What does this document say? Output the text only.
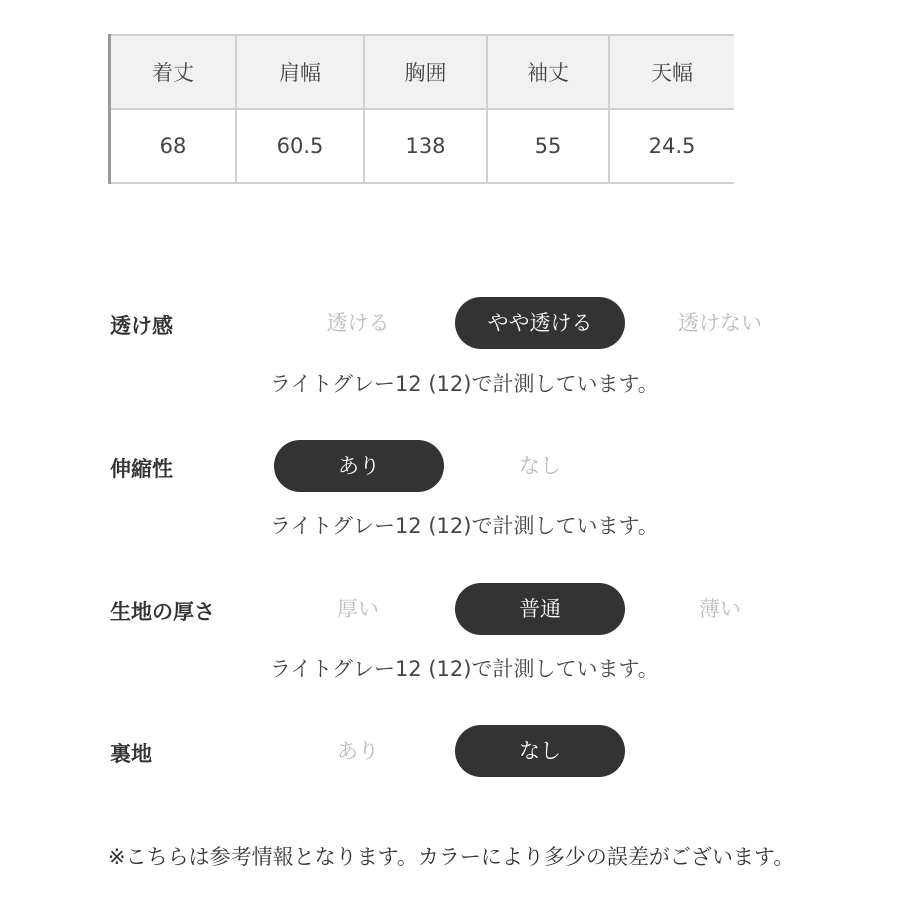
着丈	肩幅	胸囲	袖丈	天幅
68	60.5	138	55	24.5
透け感	透ける	やや透ける	透けない
ライトグレー12 (12)で計測しています。
伸縮性	あり	なし
ライトグレー12 (12)で計測しています。
生地の厚さ	厚い	普通	薄い
ライトグレー12 (12)で計測しています。
裏地	あり	なし
※こちらは参考情報となります。カラーにより多少の誤差がございます。
